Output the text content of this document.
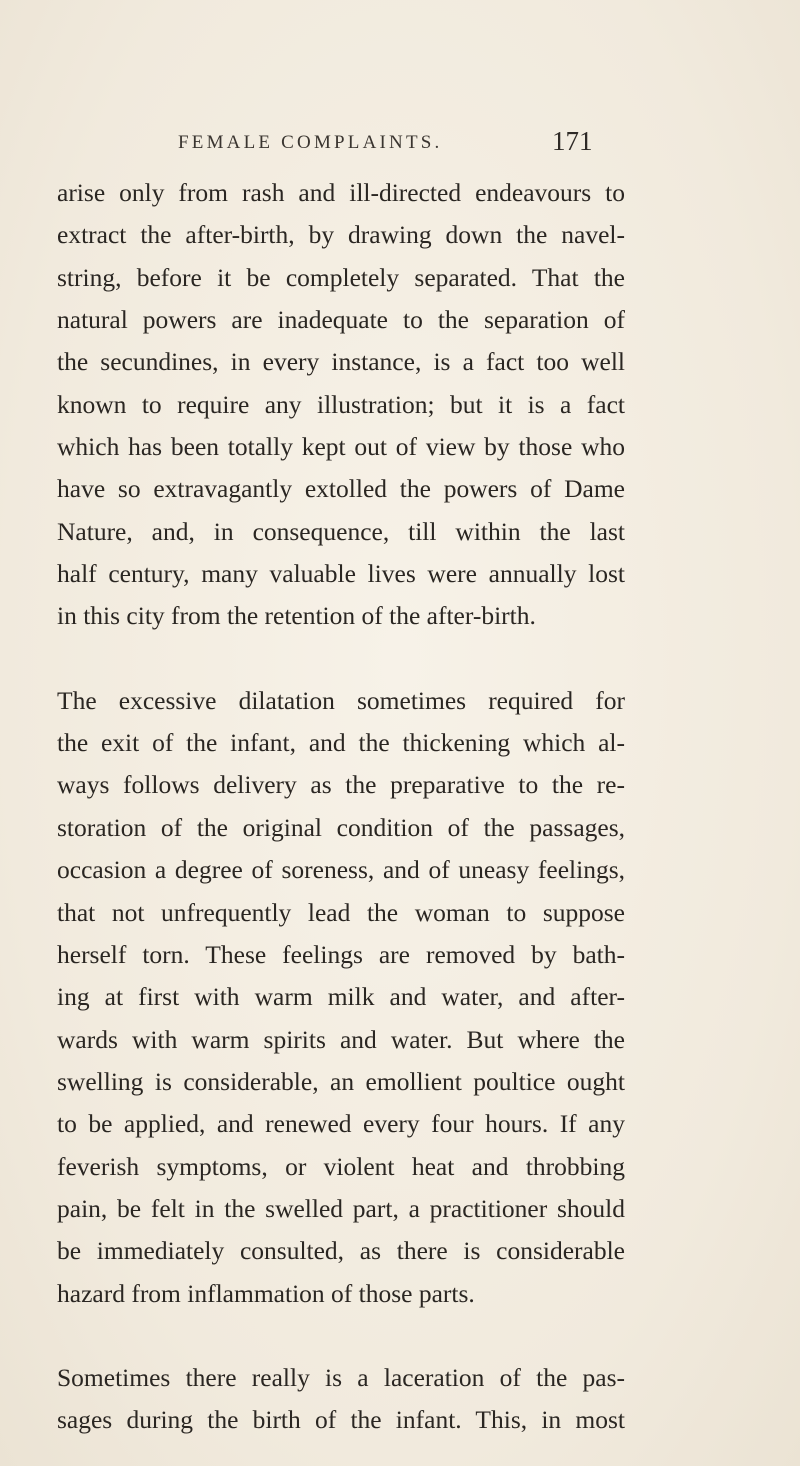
FEMALE COMPLAINTS.	171

arise only from rash and ill-directed endeavours to
extract the after-birth, by drawing down the navel-
string, before it be completely separated. That the
natural powers are inadequate to the separation of
the secundines, in every instance, is a fact too well
known to require any illustration; but it is a fact
which has been totally kept out of view by those who
have so extravagantly extolled the powers of Dame
Nature, and, in consequence, till within the last
half century, many valuable lives were annually lost
in this city from the retention of the after-birth.

The excessive dilatation sometimes required for
the exit of the infant, and the thickening which al-
ways follows delivery as the preparative to the re-
storation of the original condition of the passages,
occasion a degree of soreness, and of uneasy feelings,
that not unfrequently lead the woman to suppose
herself torn. These feelings are removed by bath-
ing at first with warm milk and water, and after-
wards with warm spirits and water. But where the
swelling is considerable, an emollient poultice ought
to be applied, and renewed every four hours. If any
feverish symptoms, or violent heat and throbbing
pain, be felt in the swelled part, a practitioner should
be immediately consulted, as there is considerable
hazard from inflammation of those parts.

Sometimes there really is a laceration of the pas-
sages during the birth of the infant. This, in most
